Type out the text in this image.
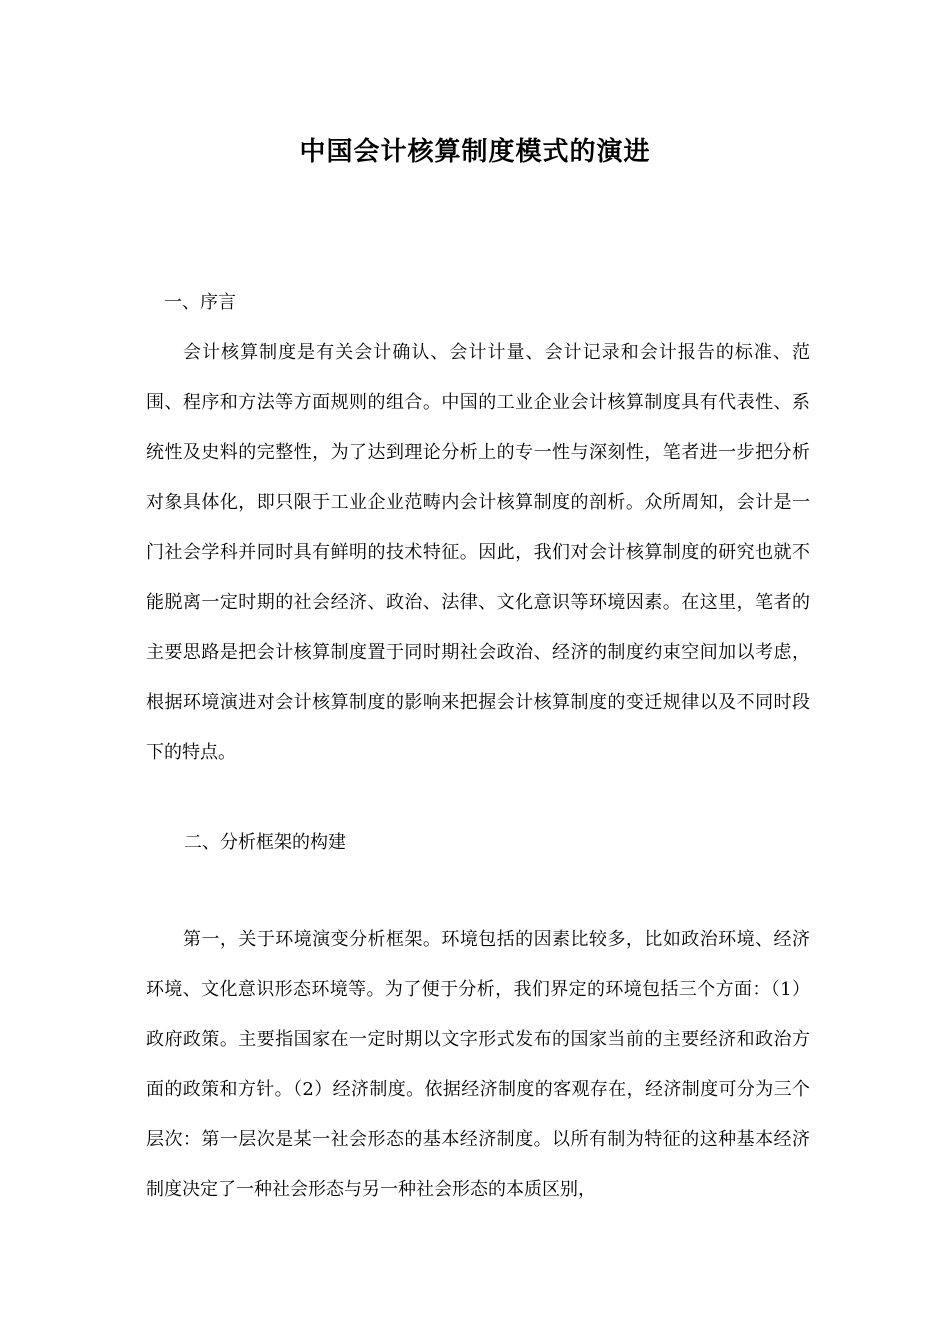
中国会计核算制度模式的演进
一、序言
会计核算制度是有关会计确认、会计计量、会计记录和会计报告的标准、范围、程序和方法等方面规则的组合。中国的工业企业会计核算制度具有代表性、系统性及史料的完整性，为了达到理论分析上的专一性与深刻性，笔者进一步把分析对象具体化，即只限于工业企业范畴内会计核算制度的剖析。众所周知，会计是一门社会学科并同时具有鲜明的技术特征。因此，我们对会计核算制度的研究也就不能脱离一定时期的社会经济、政治、法律、文化意识等环境因素。在这里，笔者的主要思路是把会计核算制度置于同时期社会政治、经济的制度约束空间加以考虑，根据环境演进对会计核算制度的影响来把握会计核算制度的变迁规律以及不同时段下的特点。
二、分析框架的构建
第一，关于环境演变分析框架。环境包括的因素比较多，比如政治环境、经济环境、文化意识形态环境等。为了便于分析，我们界定的环境包括三个方面：（1）政府政策。主要指国家在一定时期以文字形式发布的国家当前的主要经济和政治方面的政策和方针。（2）经济制度。依据经济制度的客观存在，经济制度可分为三个层次：第一层次是某一社会形态的基本经济制度。以所有制为特征的这种基本经济制度决定了一种社会形态与另一种社会形态的本质区别，
